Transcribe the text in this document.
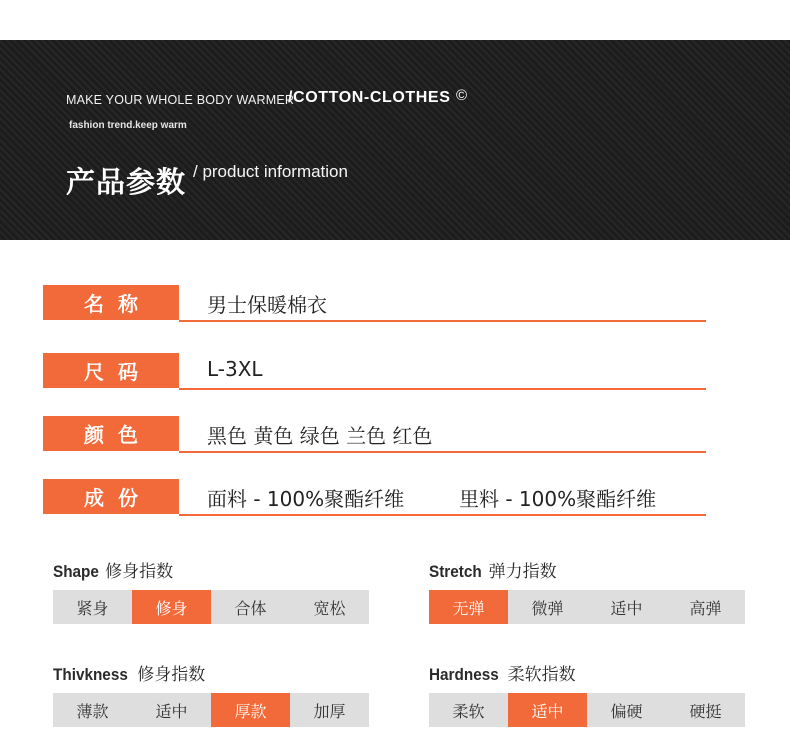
MAKE YOUR WHOLE BODY WARMER
/COTTON-CLOTHES ©
fashion trend.keep warm
产品参数 / product information
名称	男士保暖棉衣
尺码	L-3XL
颜色	黑色 黄色 绿色 兰色 红色
成份	面料 - 100%聚酯纤维	里料 - 100%聚酯纤维
Shape 修身指数
紧身	修身	合体	宽松
Stretch 弹力指数
无弹	微弹	适中	高弹
Thivkness 修身指数
薄款	适中	厚款	加厚
Hardness 柔软指数
柔软	适中	偏硬	硬挺
